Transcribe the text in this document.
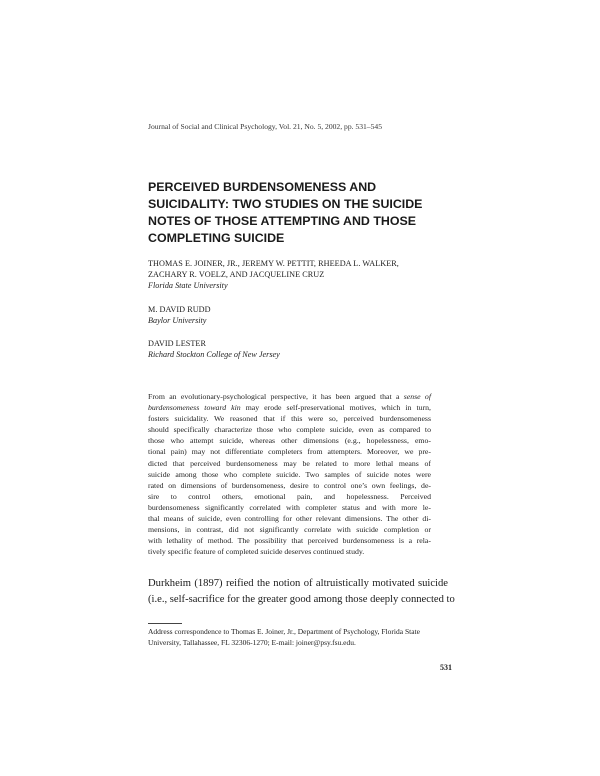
Journal of Social and Clinical Psychology, Vol. 21, No. 5, 2002, pp. 531–545
PERCEIVED BURDENSOMENESS AND
SUICIDALITY: TWO STUDIES ON THE SUICIDE
NOTES OF THOSE ATTEMPTING AND THOSE
COMPLETING SUICIDE
THOMAS E. JOINER, JR., JEREMY W. PETTIT, RHEEDA L. WALKER,
ZACHARY R. VOELZ, AND JACQUELINE CRUZ
Florida State University
M. DAVID RUDD
Baylor University
DAVID LESTER
Richard Stockton College of New Jersey
From an evolutionary-psychological perspective, it has been argued that a sense of
burdensomeness toward kin may erode self-preservational motives, which in turn,
fosters suicidality. We reasoned that if this were so, perceived burdensomeness
should specifically characterize those who complete suicide, even as compared to
those who attempt suicide, whereas other dimensions (e.g., hopelessness, emo-
tional pain) may not differentiate completers from attempters. Moreover, we pre-
dicted that perceived burdensomeness may be related to more lethal means of
suicide among those who complete suicide. Two samples of suicide notes were
rated on dimensions of burdensomeness, desire to control one’s own feelings, de-
sire to control others, emotional pain, and hopelessness. Perceived
burdensomeness significantly correlated with completer status and with more le-
thal means of suicide, even controlling for other relevant dimensions. The other di-
mensions, in contrast, did not significantly correlate with suicide completion or
with lethality of method. The possibility that perceived burdensomeness is a rela-
tively specific feature of completed suicide deserves continued study.
Durkheim (1897) reified the notion of altruistically motivated suicide
(i.e., self-sacrifice for the greater good among those deeply connected to
Address correspondence to Thomas E. Joiner, Jr., Department of Psychology, Florida State
University, Tallahassee, FL 32306-1270; E-mail: joiner@psy.fsu.edu.
531
